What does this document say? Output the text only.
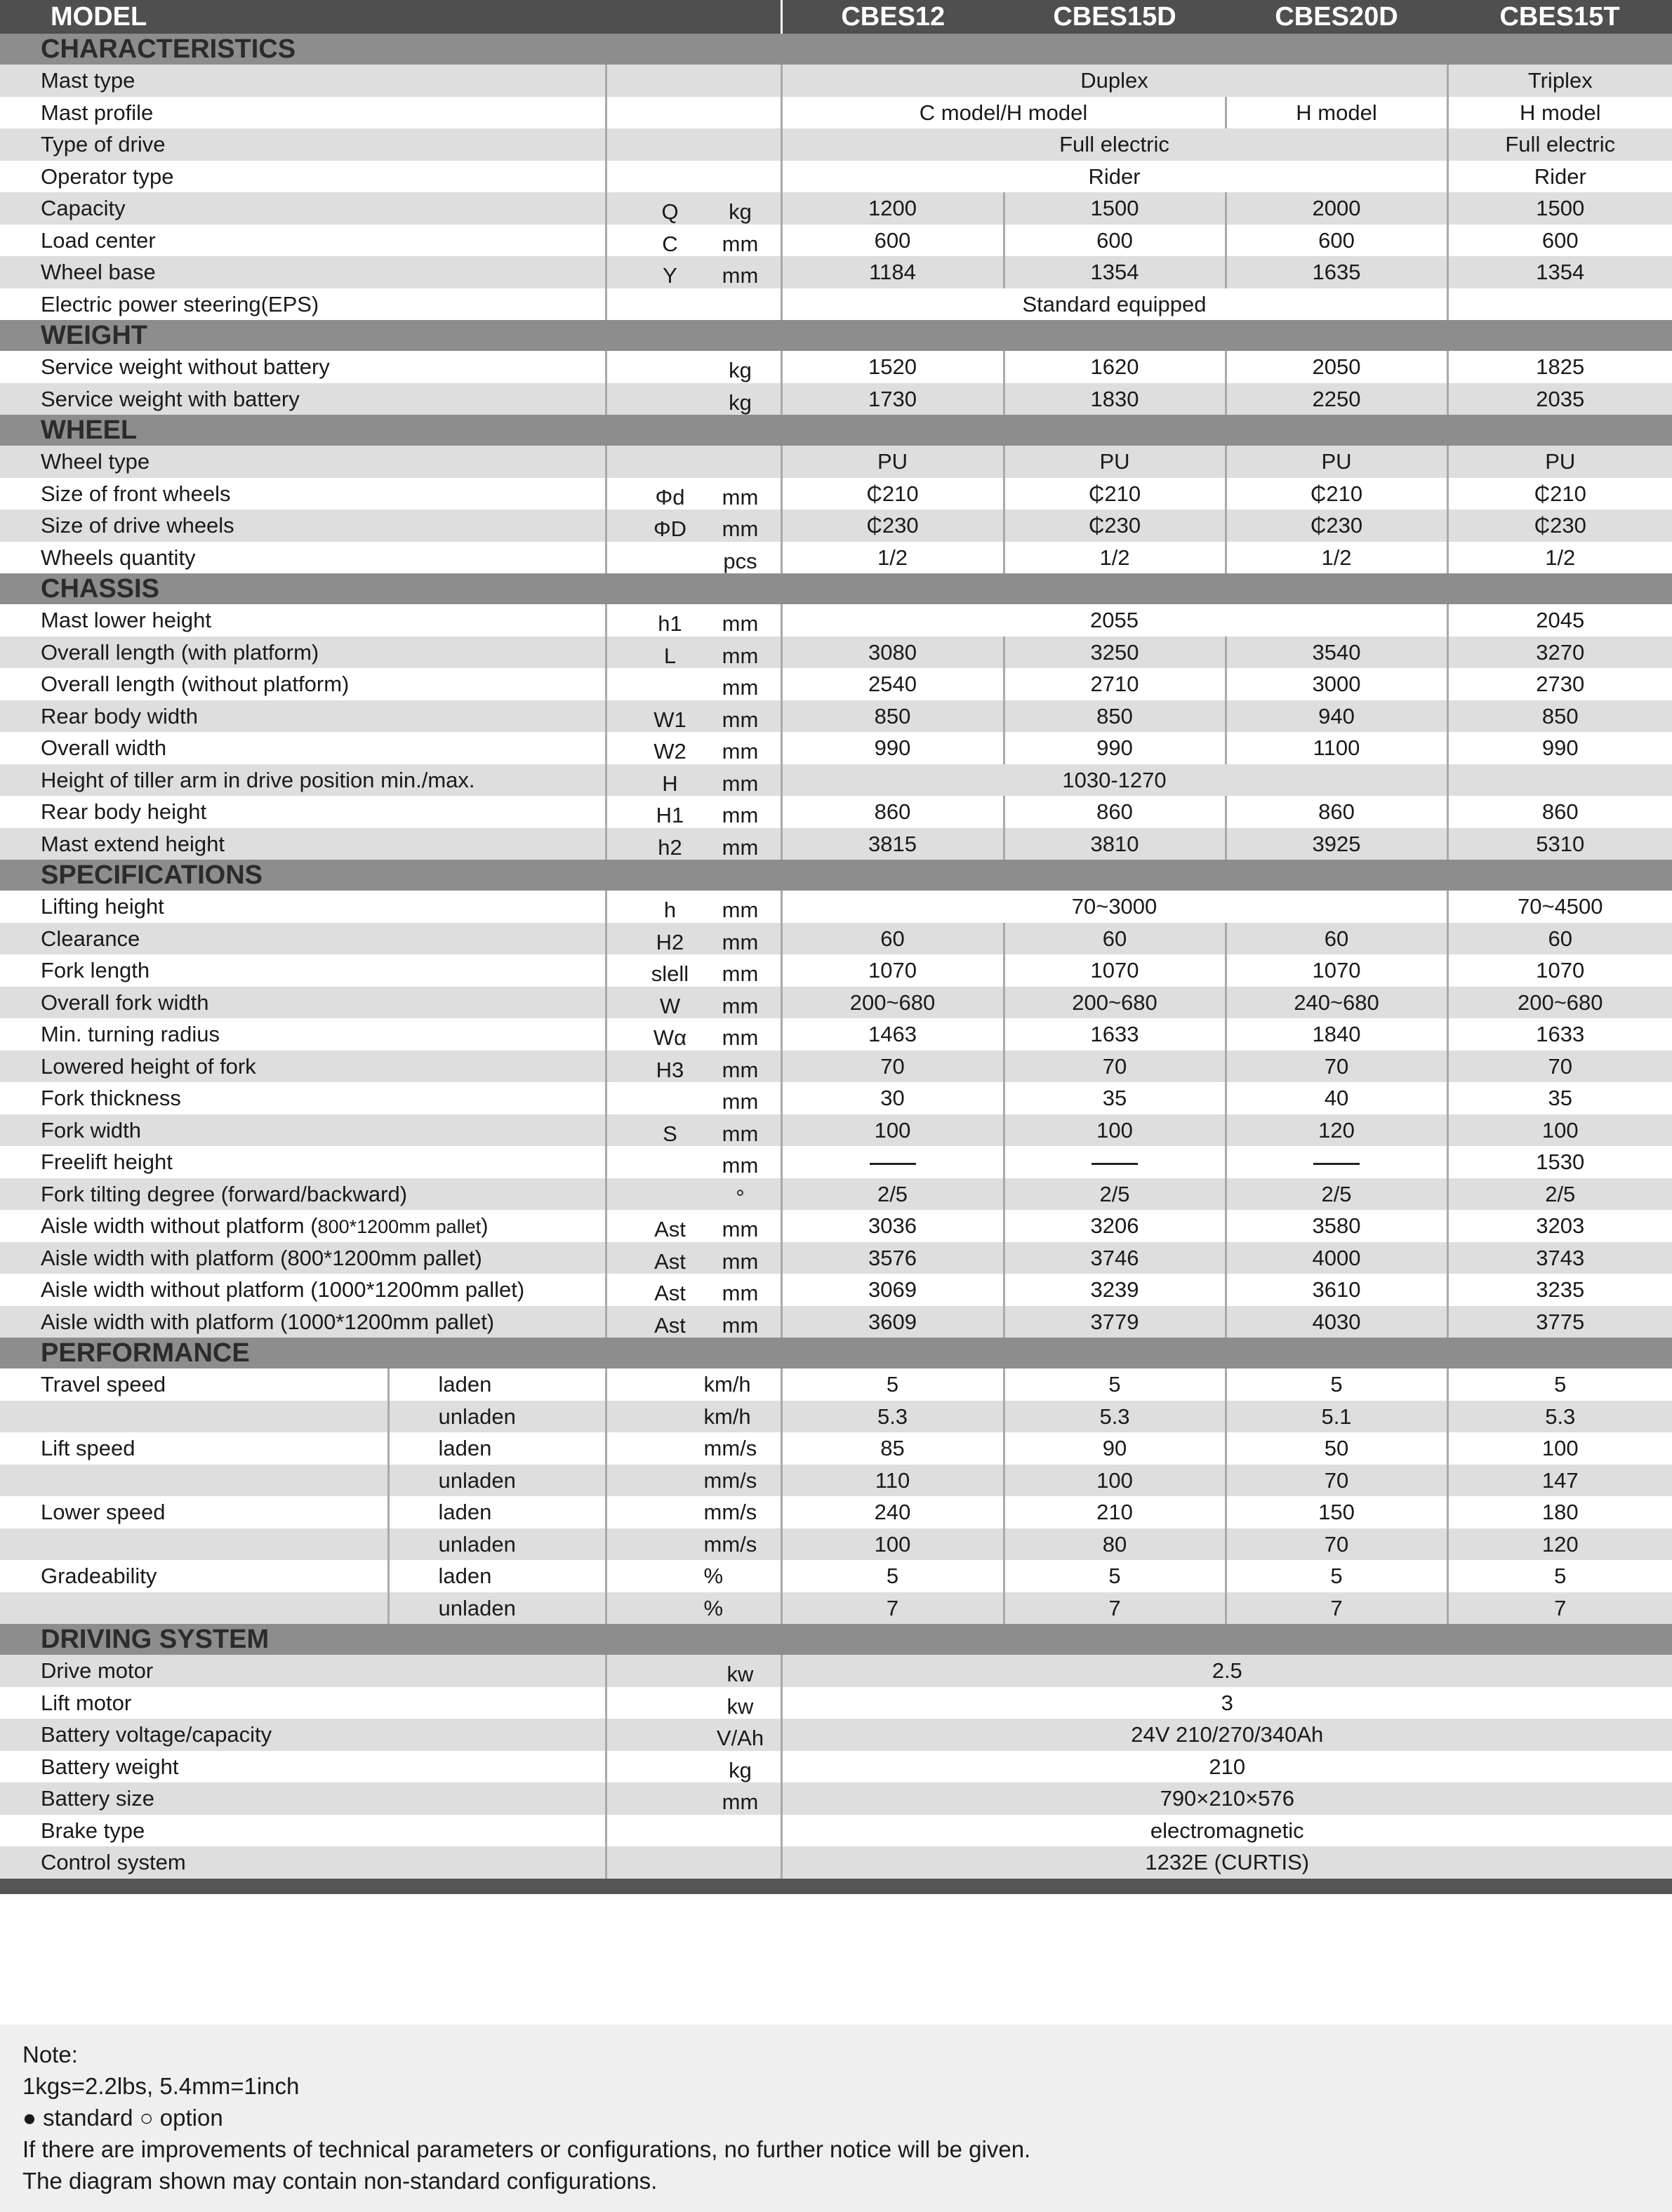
MODEL			CBES12	CBES15D	CBES20D	CBES15T
CHARACTERISTICS						
Mast type			Duplex			Triplex
Mast profile			C model/H model		H model	H model
Type of drive			Full electric			Full electric
Operator type			Rider			Rider
Capacity		Q kg	1200	1500	2000	1500
Load center		C mm	600	600	600	600
Wheel base		Y mm	1184	1354	1635	1354
Electric power steering(EPS)			Standard equipped			
WEIGHT						
Service weight without battery		kg	1520	1620	2050	1825
Service weight with battery		kg	1730	1830	2250	2035
WHEEL						
Wheel type			PU	PU	PU	PU
Size of front wheels		Φd mm	₵210	₵210	₵210	₵210
Size of drive wheels		ΦD mm	₵230	₵230	₵230	₵230
Wheels quantity		pcs	1/2	1/2	1/2	1/2
CHASSIS						
Mast lower height		h1 mm	2055			2045
Overall length (with platform)		L mm	3080	3250	3540	3270
Overall length (without platform)		mm	2540	2710	3000	2730
Rear body width		W1 mm	850	850	940	850
Overall width		W2 mm	990	990	1100	990
Height of tiller arm in drive position min./max.		H mm	1030-1270			
Rear body height		H1 mm	860	860	860	860
Mast extend height		h2 mm	3815	3810	3925	5310
SPECIFICATIONS						
Lifting height		h mm	70~3000			70~4500
Clearance		H2 mm	60	60	60	60
Fork length		slell mm	1070	1070	1070	1070
Overall fork width		W mm	200~680	200~680	240~680	200~680
Min. turning radius		Wα mm	1463	1633	1840	1633
Lowered height of fork		H3 mm	70	70	70	70
Fork thickness		mm	30	35	40	35
Fork width		S mm	100	100	120	100
Freelift height		mm				1530
Fork tilting degree (forward/backward)		°	2/5	2/5	2/5	2/5
Aisle width without platform (800*1200mm pallet)		Ast mm	3036	3206	3580	3203
Aisle width with platform (800*1200mm pallet)		Ast mm	3576	3746	4000	3743
Aisle width without platform (1000*1200mm pallet)		Ast mm	3069	3239	3610	3235
Aisle width with platform (1000*1200mm pallet)		Ast mm	3609	3779	4030	3775
PERFORMANCE						
Travel speed	laden	km/h	5	5	5	5
	unladen	km/h	5.3	5.3	5.1	5.3
Lift speed	laden	mm/s	85	90	50	100
	unladen	mm/s	110	100	70	147
Lower speed	laden	mm/s	240	210	150	180
	unladen	mm/s	100	80	70	120
Gradeability	laden	%	5	5	5	5
	unladen	%	7	7	7	7
DRIVING SYSTEM						
Drive motor		kw	2.5			
Lift motor		kw	3			
Battery voltage/capacity		V/Ah	24V 210/270/340Ah			
Battery weight		kg	210			
Battery size		mm	790×210×576			
Brake type			electromagnetic			
Control system			1232E (CURTIS)			

Note:
1kgs=2.2lbs, 5.4mm=1inch
● standard ○ option
If there are improvements of technical parameters or configurations, no further notice will be given.
The diagram shown may contain non-standard configurations.
